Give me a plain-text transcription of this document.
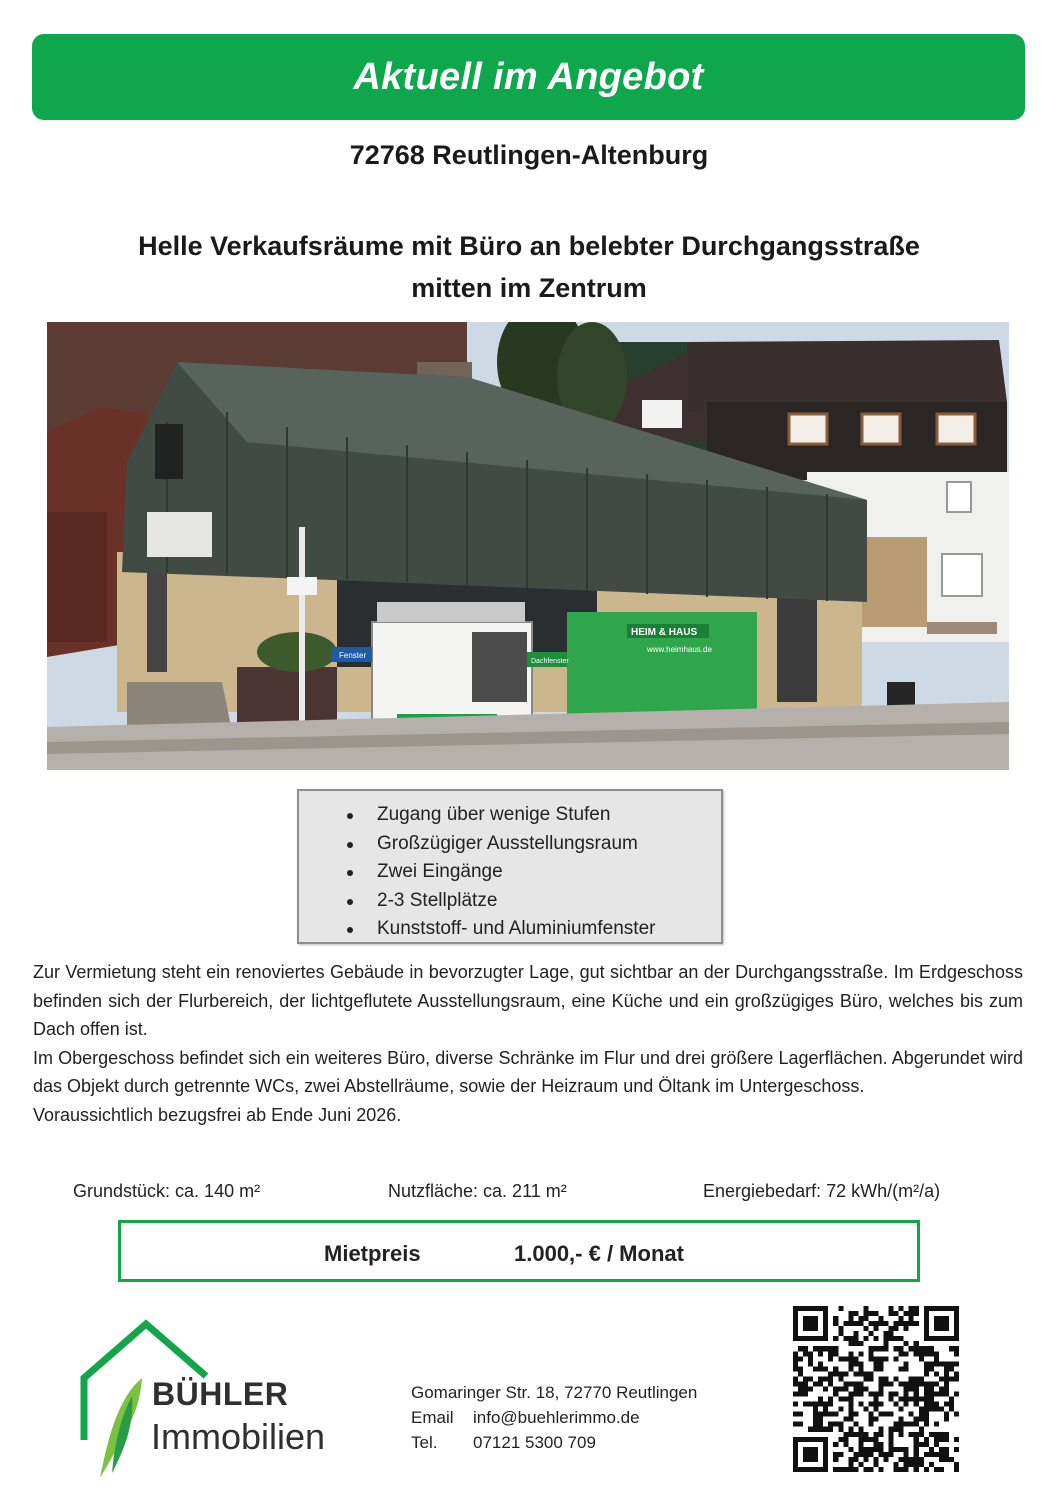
Aktuell im Angebot
72768 Reutlingen-Altenburg
Helle Verkaufsräume mit Büro an belebter Durchgangsstraße
mitten im Zentrum
HEIM & HAUS
www.heimhaus.de
Fenster
Dachfenster
Zugang über wenige Stufen
Großzügiger Ausstellungsraum
Zwei Eingänge
2-3 Stellplätze
Kunststoff- und Aluminiumfenster

Zur Vermietung steht ein renoviertes Gebäude in bevorzugter Lage, gut sichtbar an der Durchgangsstraße. Im Erdgeschoss befinden sich der Flurbereich, der lichtgeflutete Ausstellungsraum, eine Küche und ein großzügiges Büro, welches bis zum Dach offen ist.

Im Obergeschoss befindet sich ein weiteres Büro, diverse Schränke im Flur und drei größere Lagerflächen. Abgerundet wird das Objekt durch getrennte WCs, zwei Abstellräume, sowie der Heizraum und Öltank im Untergeschoss.

Voraussichtlich bezugsfrei ab Ende Juni 2026.

Grundstück: ca. 140 m²	Nutzfläche: ca. 211 m²	Energiebedarf: 72 kWh/(m²/a)
Mietpreis	1.000,- € / Monat
BÜHLER
Immobilien
Gomaringer Str. 18, 72770 Reutlingen
Email info@buehlerimmo.de
Tel. 07121 5300 709
